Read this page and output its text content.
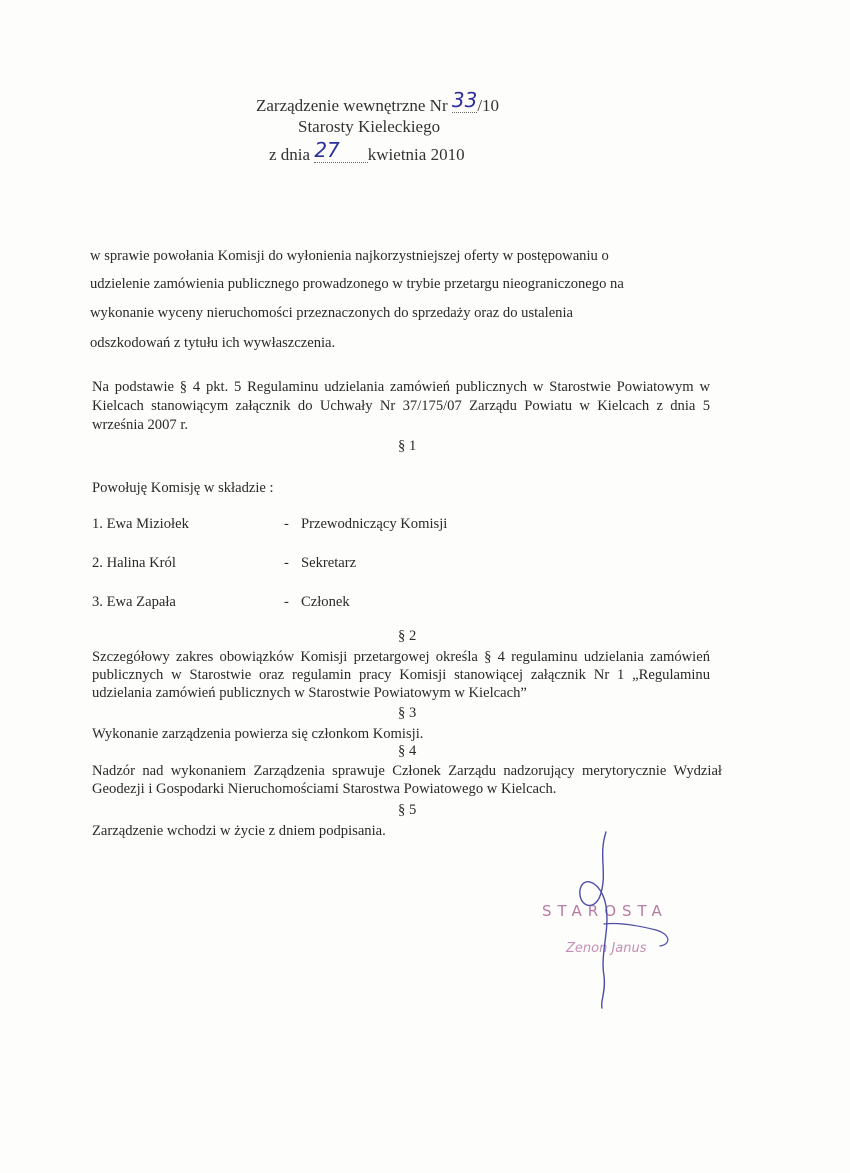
Zarządzenie wewnętrzne Nr 33/10
Starosty Kieleckiego
z dnia 27 kwietnia 2010
w sprawie powołania Komisji do wyłonienia najkorzystniejszej oferty w postępowaniu o
udzielenie zamówienia publicznego prowadzonego w trybie przetargu nieograniczonego na
wykonanie wyceny nieruchomości przeznaczonych do sprzedaży oraz do ustalenia
odszkodowań z tytułu ich wywłaszczenia.
Na podstawie § 4 pkt. 5 Regulaminu udzielania zamówień publicznych w Starostwie Powiatowym w Kielcach stanowiącym załącznik do Uchwały Nr 37/175/07 Zarządu Powiatu w Kielcach z dnia 5 września 2007 r.
§ 1
Powołuję Komisję w składzie :
1. Ewa Miziołek	- Przewodniczący Komisji
2. Halina Król	- Sekretarz
3. Ewa Zapała	- Członek
§ 2
Szczegółowy zakres obowiązków Komisji przetargowej określa § 4 regulaminu udzielania zamówień publicznych w Starostwie oraz regulamin pracy Komisji stanowiącej załącznik Nr 1 „Regulaminu udzielania zamówień publicznych w Starostwie Powiatowym w Kielcach”
§ 3
Wykonanie zarządzenia powierza się członkom Komisji.
§ 4
Nadzór nad wykonaniem Zarządzenia sprawuje Członek Zarządu nadzorujący merytorycznie Wydział Geodezji i Gospodarki Nieruchomościami Starostwa Powiatowego w Kielcach.
§ 5
Zarządzenie wchodzi w życie z dniem podpisania.
STAROSTA
Zenon Janus
